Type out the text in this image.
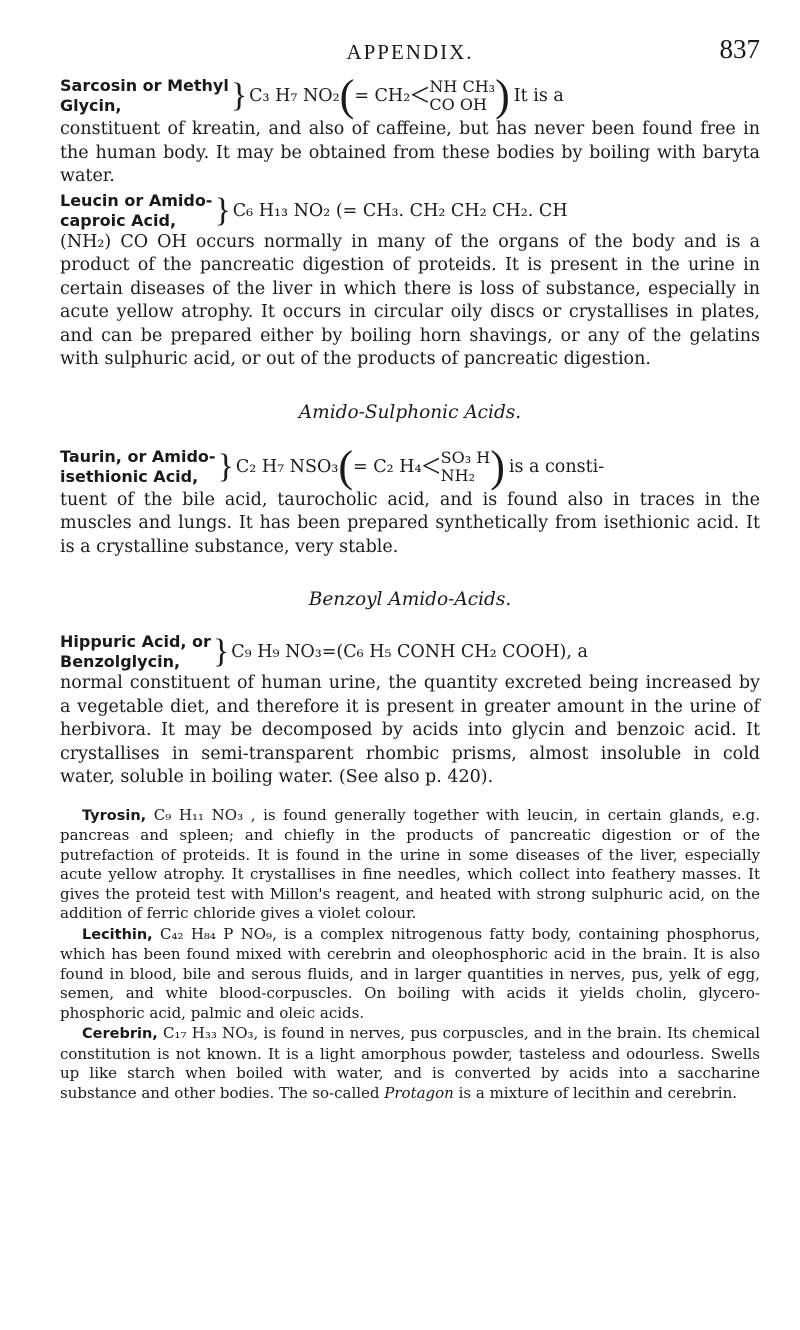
APPENDIX.	837
Sarcosin or Methyl
Glycin,	} C₃ H₇ NO₂ ( = CH₂ < NH CH₃
CO OH ) It is a

constituent of kreatin, and also of caffeine, but has never been found free in the human body. It may be obtained from these bodies by boiling with baryta water.

Leucin or Amido-
caproic Acid,	} C₆ H₁₃ NO₂ (= CH₃. CH₂ CH₂ CH₂. CH

(NH₂) CO OH occurs normally in many of the organs of the body and is a product of the pancreatic digestion of proteids. It is present in the urine in certain diseases of the liver in which there is loss of substance, especially in acute yellow atrophy. It occurs in circular oily discs or crystallises in plates, and can be prepared either by boiling horn shavings, or any of the gelatins with sulphuric acid, or out of the products of pancreatic digestion.

Amido-Sulphonic Acids.
Taurin, or Amido-
isethionic Acid, } C₂ H₇ NSO₃ ( = C₂ H₄ < SO₃ H
NH₂ ) is a consti-

tuent of the bile acid, taurocholic acid, and is found also in traces in the muscles and lungs. It has been prepared synthetically from isethionic acid. It is a crystalline substance, very stable.

Benzoyl Amido-Acids.
Hippuric Acid, or
Benzolglycin, } C₉ H₉ NO₃=(C₆ H₅ CONH CH₂ COOH), a

normal constituent of human urine, the quantity excreted being increased by a vegetable diet, and therefore it is present in greater amount in the urine of herbivora. It may be decomposed by acids into glycin and benzoic acid. It crystallises in semi-transparent rhombic prisms, almost insoluble in cold water, soluble in boiling water. (See also p. 420).

Tyrosin, C₉ H₁₁ NO₃ , is found generally together with leucin, in certain glands, e.g. pancreas and spleen; and chiefly in the products of pancreatic digestion or of the putrefaction of proteids. It is found in the urine in some diseases of the liver, especially acute yellow atrophy. It crystallises in fine needles, which collect into feathery masses. It gives the proteid test with Millon's reagent, and heated with strong sulphuric acid, on the addition of ferric chloride gives a violet colour.

Lecithin, C₄₂ H₈₄ P NO₉, is a complex nitrogenous fatty body, containing phosphorus, which has been found mixed with cerebrin and oleophosphoric acid in the brain. It is also found in blood, bile and serous fluids, and in larger quantities in nerves, pus, yelk of egg, semen, and white blood-corpuscles. On boiling with acids it yields cholin, glycero-phosphoric acid, palmic and oleic acids.

Cerebrin, C₁₇ H₃₃ NO₃, is found in nerves, pus corpuscles, and in the brain. Its chemical constitution is not known. It is a light amorphous powder, tasteless and odourless. Swells up like starch when boiled with water, and is converted by acids into a saccharine substance and other bodies. The so-called Protagon is a mixture of lecithin and cerebrin.
